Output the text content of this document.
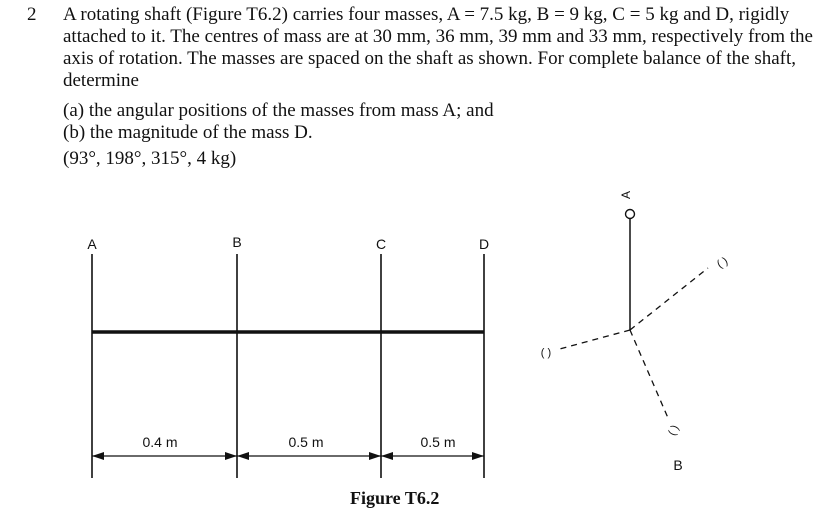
2 A rotating shaft (Figure T6.2) carries four masses, A = 7.5 kg, B = 9 kg, C = 5 kg and D, rigidly attached to it. The centres of mass are at 30 mm, 36 mm, 39 mm and 33 mm, respectively from the axis of rotation. The masses are spaced on the shaft as shown. For complete balance of the shaft, determine

(a) the angular positions of the masses from mass A; and

(b) the magnitude of the mass D.

(93°, 198°, 315°, 4 kg)

A	B	C	D
0.4 m	0.5 m	0.5 m
A
( )
( )
( )
B
Figure T6.2
